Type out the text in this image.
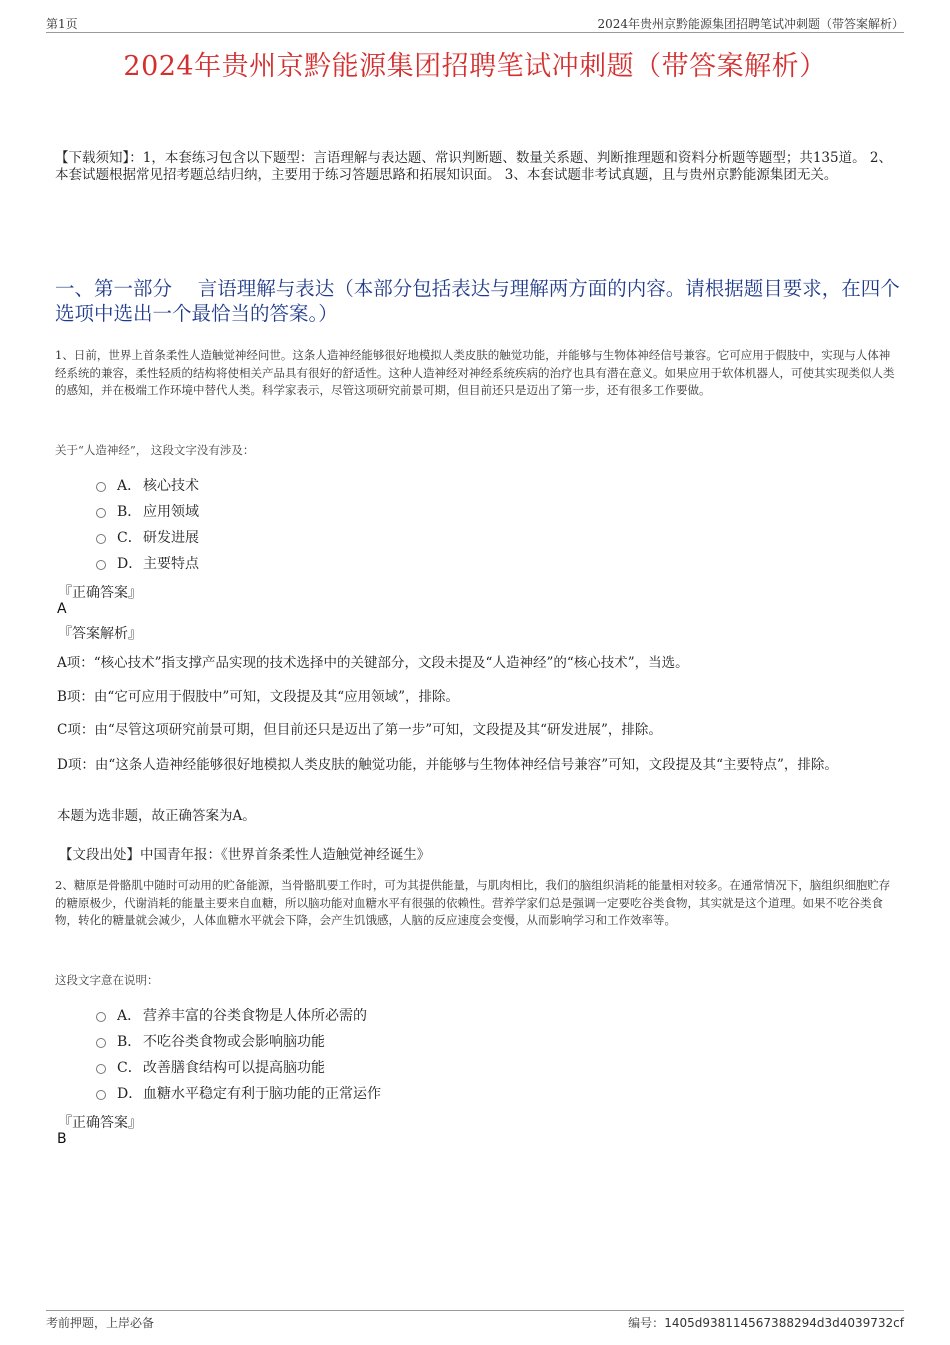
第1页	2024年贵州京黔能源集团招聘笔试冲刺题（带答案解析）
2024年贵州京黔能源集团招聘笔试冲刺题（带答案解析）
【下载须知】：1，本套练习包含以下题型：言语理解与表达题、常识判断题、数量关系题、判断推理题和资料分析题等题型；共135道。 2、本套试题根据常见招考题总结归纳，主要用于练习答题思路和拓展知识面。 3、本套试题非考试真题，且与贵州京黔能源集团无关。
一、第一部分　 言语理解与表达（本部分包括表达与理解两方面的内容。请根据题目要求，在四个选项中选出一个最恰当的答案。）
1、日前，世界上首条柔性人造触觉神经问世。这条人造神经能够很好地模拟人类皮肤的触觉功能，并能够与生物体神经信号兼容。它可应用于假肢中，实现与人体神经系统的兼容，柔性轻质的结构将使相关产品具有很好的舒适性。这种人造神经对神经系统疾病的治疗也具有潜在意义。如果应用于软体机器人，可使其实现类似人类的感知，并在极端工作环境中替代人类。科学家表示，尽管这项研究前景可期，但目前还只是迈出了第一步，还有很多工作要做。
关于“人造神经”， 这段文字没有涉及：
A． 核心技术
B． 应用领域
C． 研发进展
D． 主要特点
『正确答案』
A
『答案解析』
A项：“核心技术”指支撑产品实现的技术选择中的关键部分，文段未提及“人造神经”的“核心技术”，当选。
B项：由“它可应用于假肢中”可知，文段提及其“应用领域”，排除。
C项：由“尽管这项研究前景可期，但目前还只是迈出了第一步”可知，文段提及其“研发进展”，排除。
D项：由“这条人造神经能够很好地模拟人类皮肤的触觉功能，并能够与生物体神经信号兼容”可知，文段提及其“主要特点”，排除。
本题为选非题，故正确答案为A。
【文段出处】中国青年报：《世界首条柔性人造触觉神经诞生》
2、糖原是骨骼肌中随时可动用的贮备能源，当骨骼肌要工作时，可为其提供能量，与肌肉相比，我们的脑组织消耗的能量相对较多。在通常情况下，脑组织细胞贮存的糖原极少，代谢消耗的能量主要来自血糖，所以脑功能对血糖水平有很强的依赖性。营养学家们总是强调一定要吃谷类食物，其实就是这个道理。如果不吃谷类食物，转化的糖量就会减少，人体血糖水平就会下降，会产生饥饿感，人脑的反应速度会变慢，从而影响学习和工作效率等。
这段文字意在说明：
A． 营养丰富的谷类食物是人体所必需的
B． 不吃谷类食物或会影响脑功能
C． 改善膳食结构可以提高脑功能
D． 血糖水平稳定有利于脑功能的正常运作
『正确答案』
B
考前押题，上岸必备	编号：1405d938114567388294d3d4039732cf
